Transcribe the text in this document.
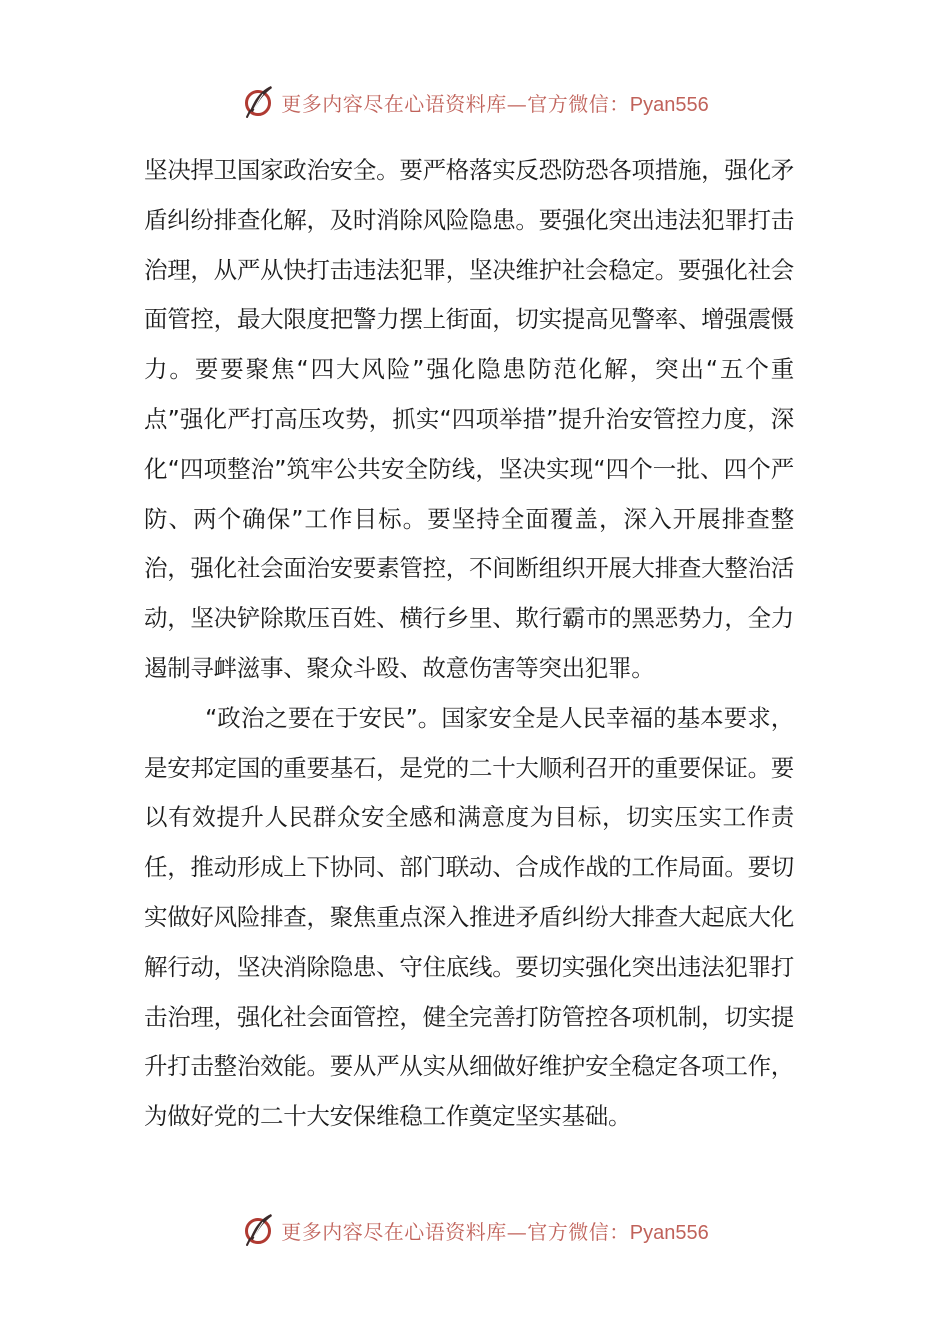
更多内容尽在心语资料库—官方微信：Pyan556

坚决捍卫国家政治安全。要严格落实反恐防恐各项措施，强化矛盾纠纷排查化解，及时消除风险隐患。要强化突出违法犯罪打击治理，从严从快打击违法犯罪，坚决维护社会稳定。要强化社会面管控，最大限度把警力摆上街面，切实提高见警率、增强震慑力。要要聚焦“四大风险”强化隐患防范化解，突出“五个重点”强化严打高压攻势，抓实“四项举措”提升治安管控力度，深化“四项整治”筑牢公共安全防线，坚决实现“四个一批、四个严防、两个确保”工作目标。要坚持全面覆盖，深入开展排查整治，强化社会面治安要素管控，不间断组织开展大排查大整治活动，坚决铲除欺压百姓、横行乡里、欺行霸市的黑恶势力，全力遏制寻衅滋事、聚众斗殴、故意伤害等突出犯罪。

“政治之要在于安民”。国家安全是人民幸福的基本要求，是安邦定国的重要基石，是党的二十大顺利召开的重要保证。要以有效提升人民群众安全感和满意度为目标，切实压实工作责任，推动形成上下协同、部门联动、合成作战的工作局面。要切实做好风险排查，聚焦重点深入推进矛盾纠纷大排查大起底大化解行动，坚决消除隐患、守住底线。要切实强化突出违法犯罪打击治理，强化社会面管控，健全完善打防管控各项机制，切实提升打击整治效能。要从严从实从细做好维护安全稳定各项工作，为做好党的二十大安保维稳工作奠定坚实基础。

更多内容尽在心语资料库—官方微信：Pyan556
